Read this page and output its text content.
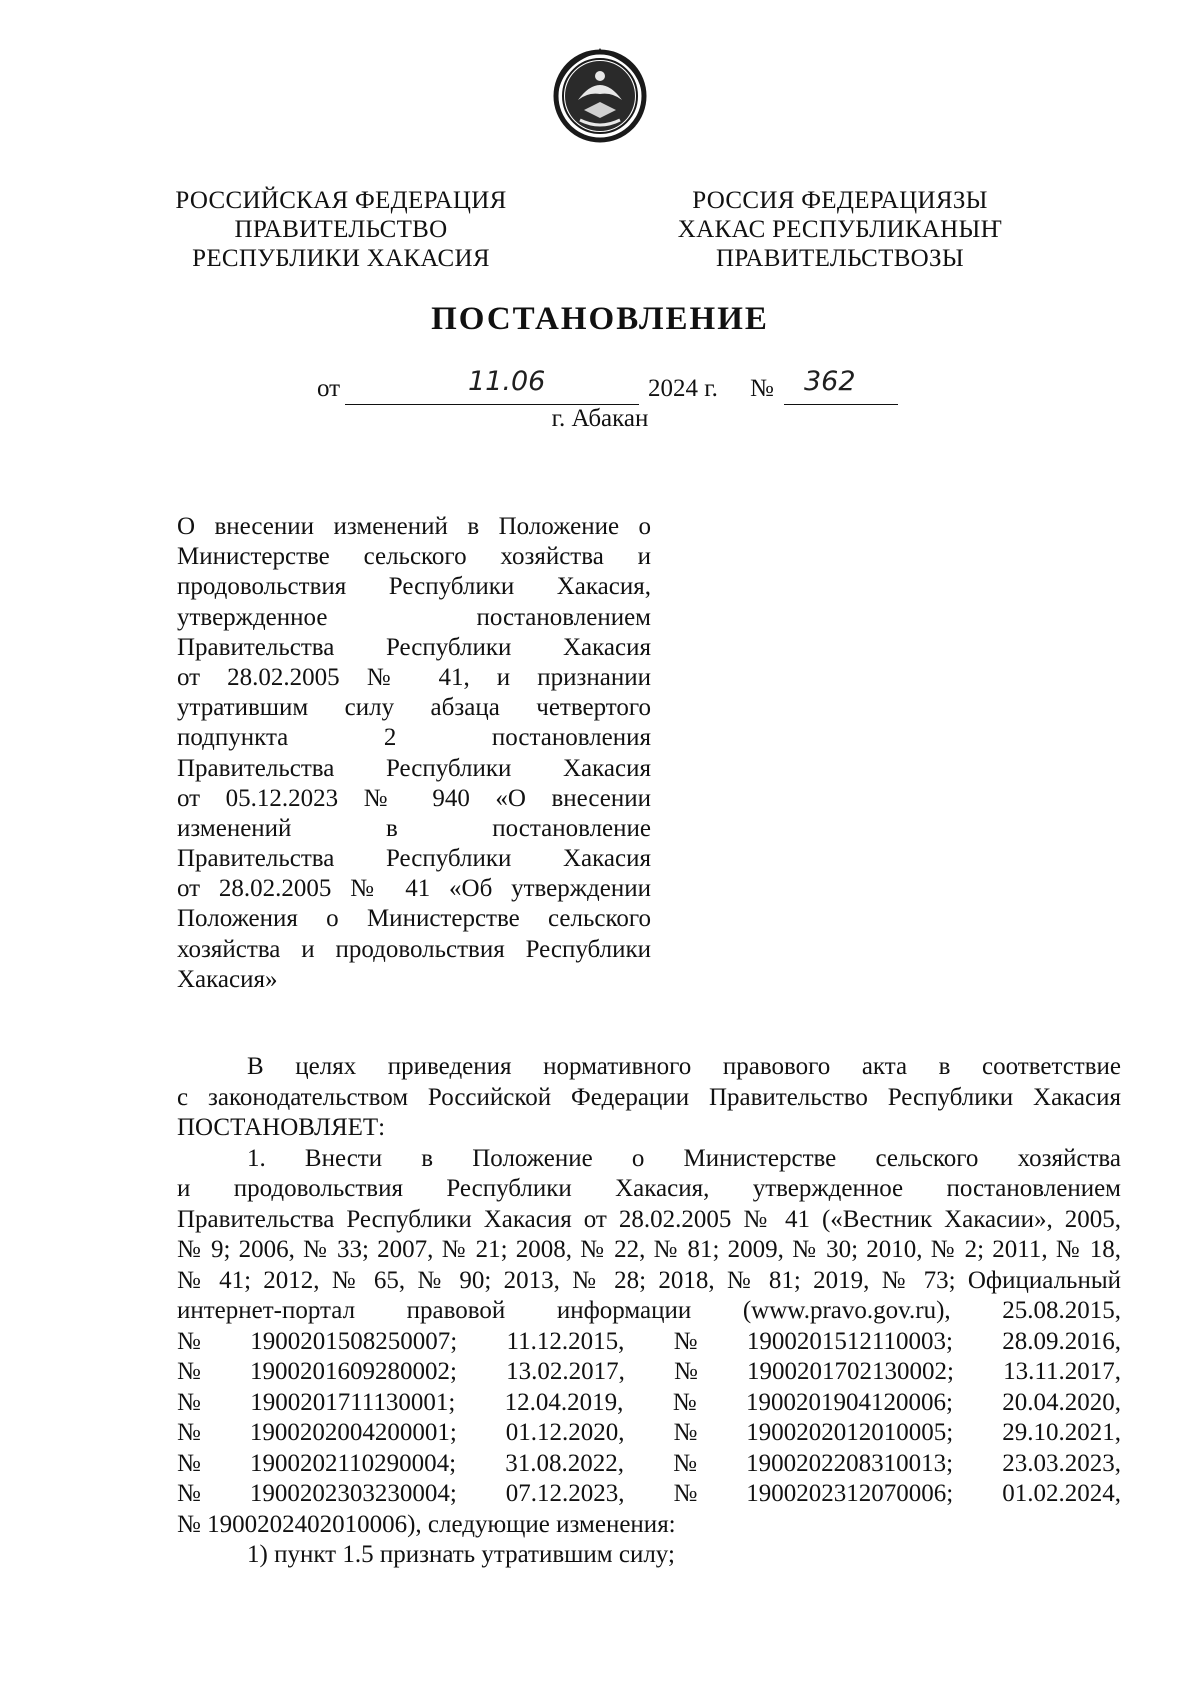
РОССИЙСКАЯ ФЕДЕРАЦИЯ
ПРАВИТЕЛЬСТВО
РЕСПУБЛИКИ ХАКАСИЯ
РОССИЯ ФЕДЕРАЦИЯЗЫ
ХАКАС РЕСПУБЛИКАНЫҤ
ПРАВИТЕЛЬСТВОЗЫ
ПОСТАНОВЛЕНИЕ
от	11.06	2024 г. № 362
г. Абакан
О внесении изменений в Положение о
Министерстве сельского хозяйства и
продовольствия Республики Хакасия,
утвержденное постановлением
Правительства Республики Хакасия
от 28.02.2005 № 41, и признании
утратившим силу абзаца четвертого
подпункта 2 постановления
Правительства Республики Хакасия
от 05.12.2023 № 940 «О внесении
изменений в постановление
Правительства Республики Хакасия
от 28.02.2005 № 41 «Об утверждении
Положения о Министерстве сельского
хозяйства и продовольствия Республики
Хакасия»
В целях приведения нормативного правового акта в соответствие
с законодательством Российской Федерации Правительство Республики Хакасия
ПОСТАНОВЛЯЕТ:
1. Внести в Положение о Министерстве сельского хозяйства
и продовольствия Республики Хакасия, утвержденное постановлением
Правительства Республики Хакасия от 28.02.2005 № 41 («Вестник Хакасии», 2005,
№ 9; 2006, № 33; 2007, № 21; 2008, № 22, № 81; 2009, № 30; 2010, № 2; 2011, № 18,
№ 41; 2012, № 65, № 90; 2013, № 28; 2018, № 81; 2019, № 73; Официальный
интернет-портал правовой информации (www.pravo.gov.ru), 25.08.2015,
№ 1900201508250007; 11.12.2015, № 1900201512110003; 28.09.2016,
№ 1900201609280002; 13.02.2017, № 1900201702130002; 13.11.2017,
№ 1900201711130001; 12.04.2019, № 1900201904120006; 20.04.2020,
№ 1900202004200001; 01.12.2020, № 1900202012010005; 29.10.2021,
№ 1900202110290004; 31.08.2022, № 1900202208310013; 23.03.2023,
№ 1900202303230004; 07.12.2023, № 1900202312070006; 01.02.2024,
№ 1900202402010006), следующие изменения:
1) пункт 1.5 признать утратившим силу;
